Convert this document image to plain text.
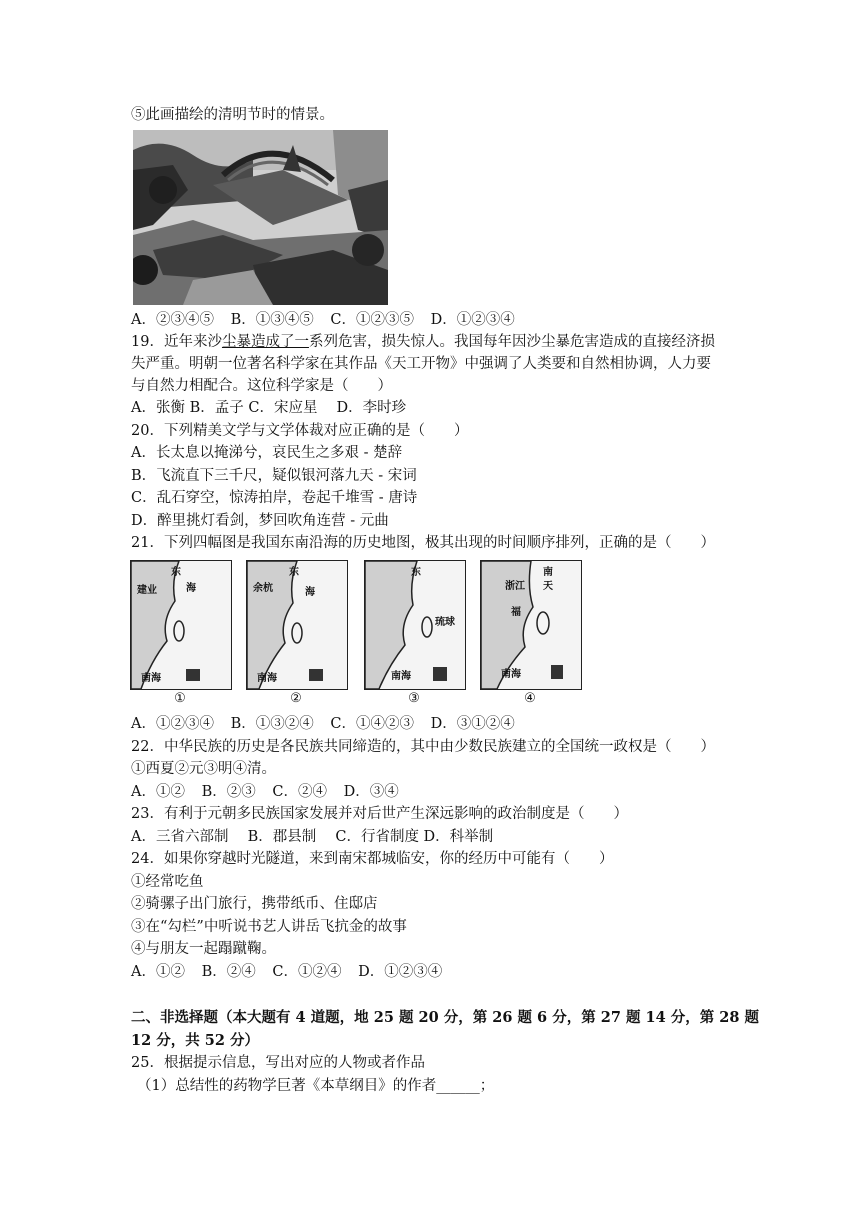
⑤此画描绘的清明节时的情景。
A．②③④⑤ B．①③④⑤ C．①②③⑤ D．①②③④
19．近年来沙尘暴造成了一系列危害，损失惊人。我国每年因沙尘暴危害造成的直接经济损
失严重。明朝一位著名科学家在其作品《天工开物》中强调了人类要和自然相协调，人力要
与自然力相配合。这位科学家是（　　）
A．张衡 B．孟子 C．宋应星　 D．李时珍
20．下列精美文学与文学体裁对应正确的是（　　）
A．长太息以掩涕兮，哀民生之多艰 - 楚辞
B．飞流直下三千尺，疑似银河落九天 - 宋词
C．乱石穿空，惊涛拍岸，卷起千堆雪 - 唐诗
D．醉里挑灯看剑，梦回吹角连营 - 元曲
21．下列四幅图是我国东南沿海的历史地图，极其出现的时间顺序排列，正确的是（　　）
东
海
建业
南海
①
东
余杭	海
南海
②
东
琉球
南海
③
南
天
浙江
福
南海
④
A．①②③④ B．①③②④ C．①④②③ D．③①②④
22．中华民族的历史是各民族共同缔造的，其中由少数民族建立的全国统一政权是（　　）
①西夏②元③明④清。
A．①② B．②③ C．②④ D．③④
23．有利于元朝多民族国家发展并对后世产生深远影响的政治制度是（　　）
A．三省六部制　 B．郡县制　 C．行省制度 D．科举制
24．如果你穿越时光隧道，来到南宋都城临安，你的经历中可能有（　　）
①经常吃鱼
②骑骡子出门旅行，携带纸币、住邸店
③在“勾栏”中听说书艺人讲岳飞抗金的故事
④与朋友一起蹋蹴鞠。
A．①② B．②④ C．①②④ D．①②③④
二、非选择题（本大题有 4 道题，地 25 题 20 分，第 26 题 6 分，第 27 题 14 分，第 28 题
12 分，共 52 分）
25．根据提示信息，写出对应的人物或者作品
（1）总结性的药物学巨著《本草纲目》的作者______；
